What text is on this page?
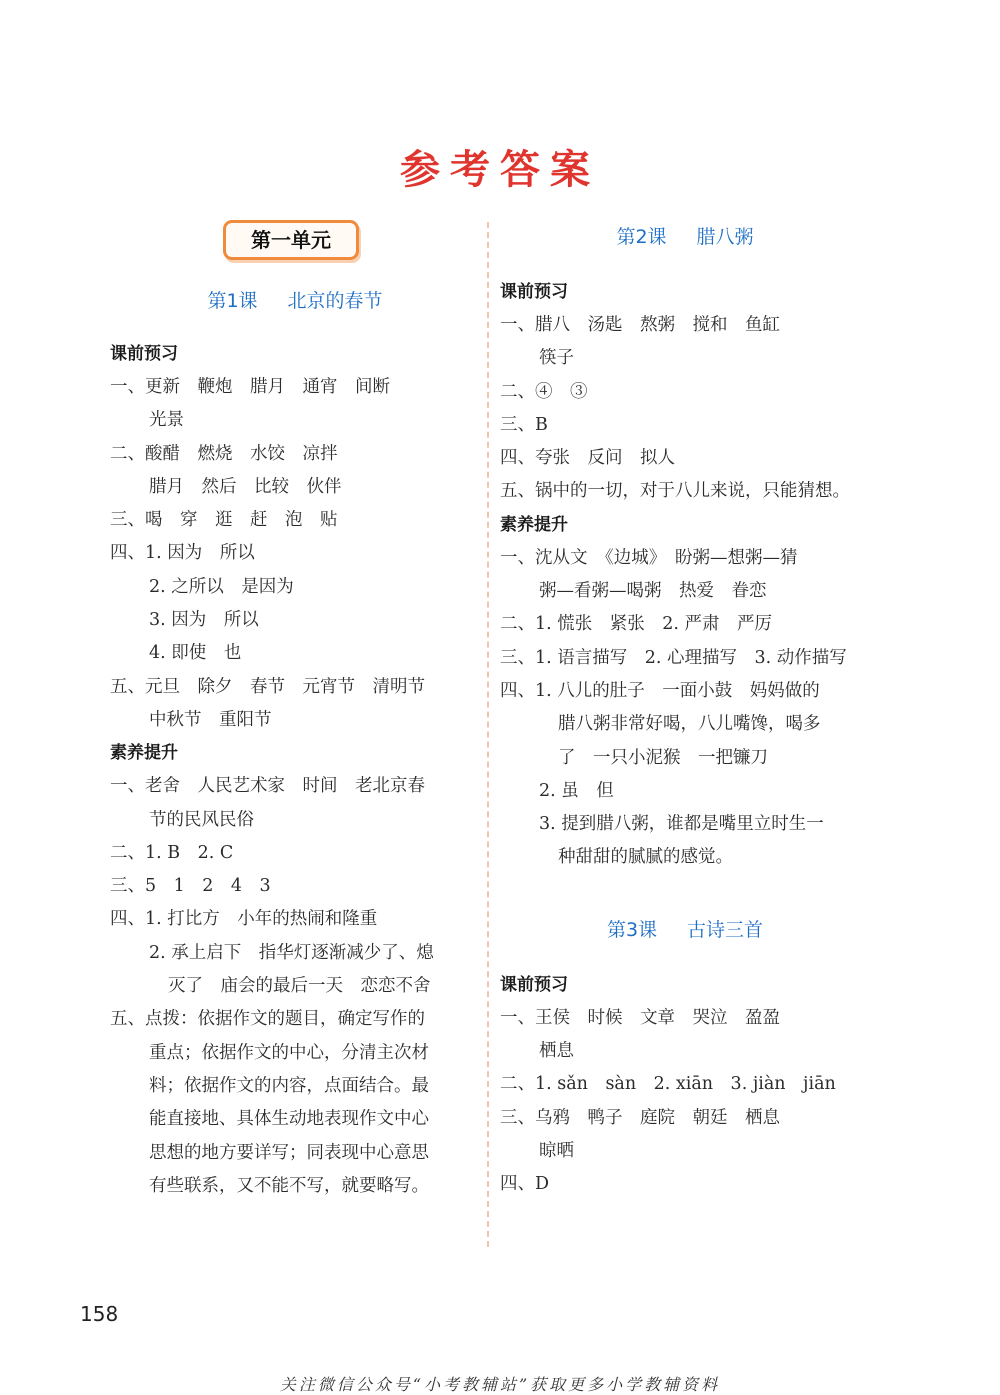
参考答案
第一单元
第1课 北京的春节
课前预习
一、更新　鞭炮　腊月　通宵　间断
光景
二、酸醋　燃烧　水饺　凉拌
腊月　然后　比较　伙伴
三、喝　穿　逛　赶　泡　贴
四、1. 因为　所以
2. 之所以　是因为
3. 因为　所以
4. 即使　也
五、元旦　除夕　春节　元宵节　清明节
中秋节　重阳节
素养提升
一、老舍　人民艺术家　时间　老北京春
节的民风民俗
二、1. B　2. C
三、5　1　2　4　3
四、1. 打比方　小年的热闹和隆重
2. 承上启下　指华灯逐渐减少了、熄
灭了　庙会的最后一天　恋恋不舍
五、点拨：依据作文的题目，确定写作的
重点；依据作文的中心，分清主次材
料；依据作文的内容，点面结合。最
能直接地、具体生动地表现作文中心
思想的地方要详写；同表现中心意思
有些联系，又不能不写，就要略写。
第2课 腊八粥
课前预习
一、腊八　汤匙　熬粥　搅和　鱼缸
筷子
二、④　③
三、B
四、夸张　反问　拟人
五、锅中的一切，对于八儿来说，只能猜想。
素养提升
一、沈从文　《边城》　盼粥—想粥—猜
粥—看粥—喝粥　热爱　眷恋
二、1. 慌张　紧张　2. 严肃　严厉
三、1. 语言描写　2. 心理描写　3. 动作描写
四、1. 八儿的肚子　一面小鼓　妈妈做的
腊八粥非常好喝，八儿嘴馋，喝多
了　一只小泥猴　一把镰刀
2. 虽　但
3. 提到腊八粥，谁都是嘴里立时生一
种甜甜的腻腻的感觉。
第3课 古诗三首
课前预习
一、王侯　时候　文章　哭泣　盈盈
栖息
二、1. sǎn　sàn　2. xiān　3. jiàn　jiān
三、乌鸦　鸭子　庭院　朝廷　栖息
晾晒
四、D
158
关注微信公众号“小考教辅站”获取更多小学教辅资料
